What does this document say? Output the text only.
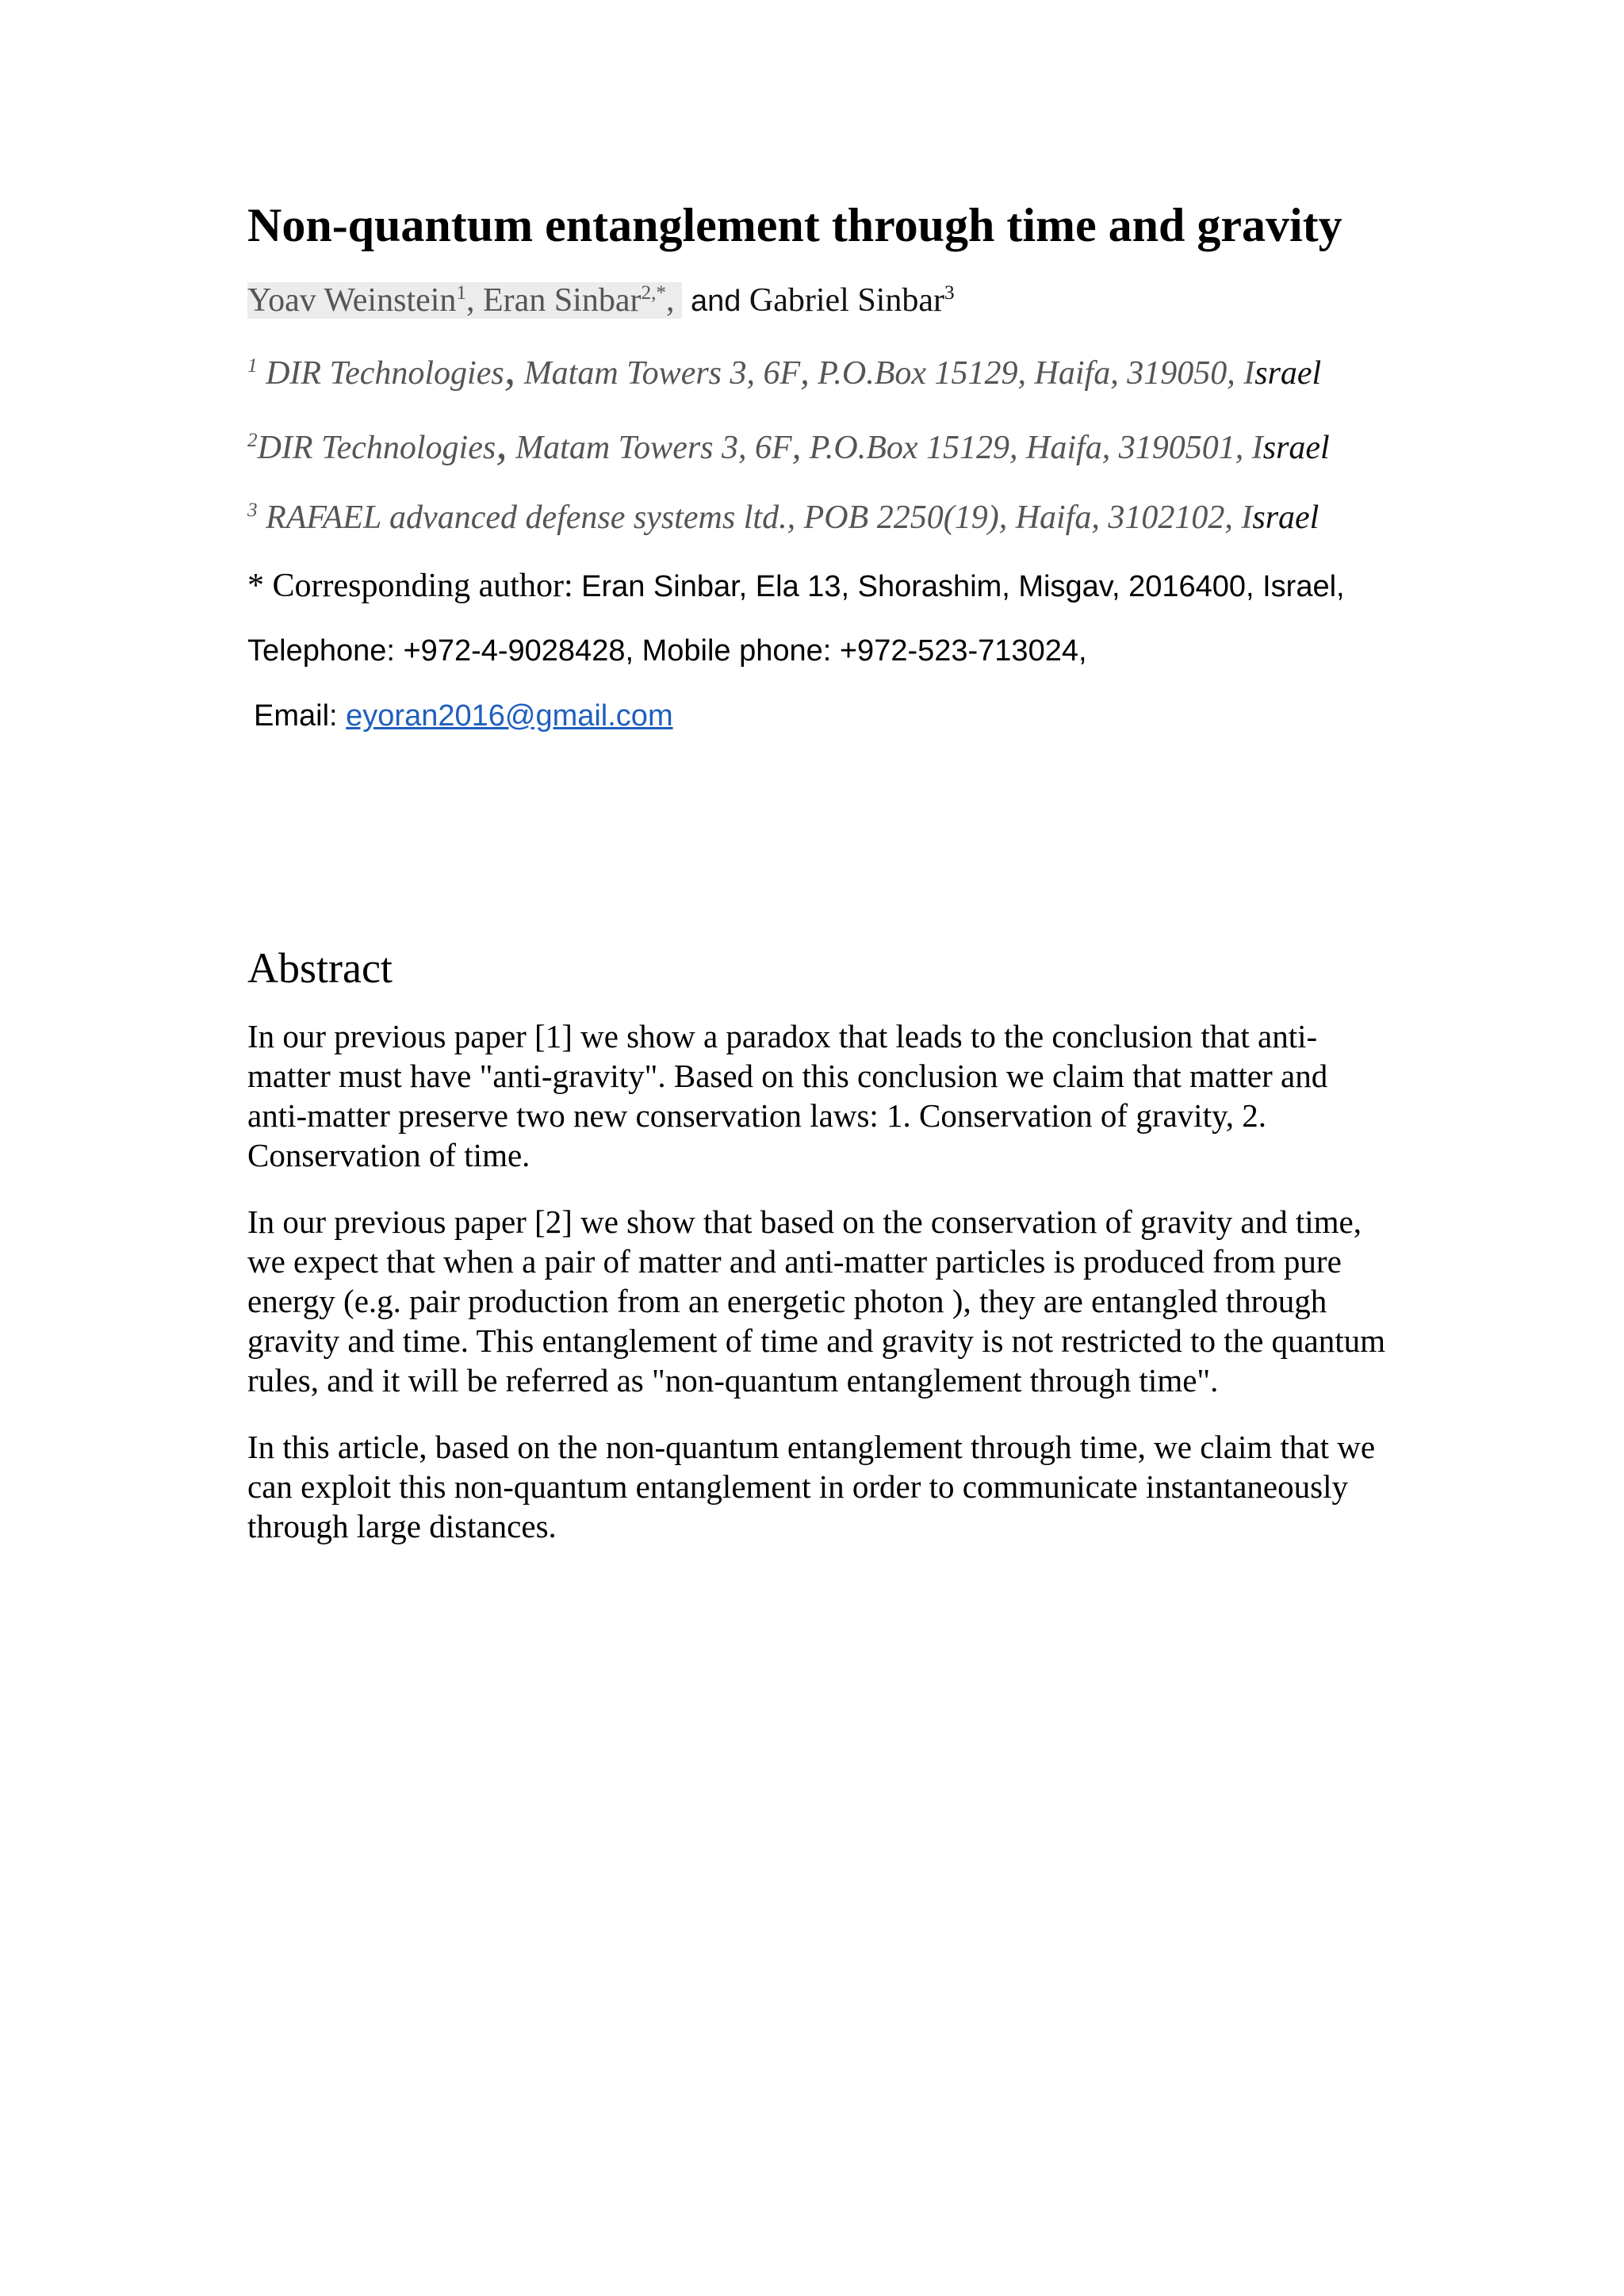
Non-quantum entanglement through time and gravity
Yoav Weinstein$^1$, Eran Sinbar$^{2,*}$, and Gabriel Sinbar$^3$
$^1$ DIR Technologies, Matam Towers 3, 6F, P.O.Box 15129, Haifa, 319050, Israel
$^2$DIR Technologies, Matam Towers 3, 6F, P.O.Box 15129, Haifa, 3190501, Israel
$^3$ RAFAEL advanced defense systems ltd., POB 2250(19), Haifa, 3102102, Israel
* Corresponding author: Eran Sinbar, Ela 13, Shorashim, Misgav, 2016400, Israel,
Telephone: +972-4-9028428, Mobile phone: +972-523-713024,
Email: eyoran2016@gmail.com
Abstract

In our previous paper [1] we show a paradox that leads to the conclusion that anti-matter must have "anti-gravity". Based on this conclusion we claim that matter and anti-matter preserve two new conservation laws: 1. Conservation of gravity, 2. Conservation of time.

In our previous paper [2] we show that based on the conservation of gravity and time, we expect that when a pair of matter and anti-matter particles is produced from pure energy (e.g. pair production from an energetic photon ), they are entangled through gravity and time. This entanglement of time and gravity is not restricted to the quantum rules, and it will be referred as "non-quantum entanglement through time".

In this article, based on the non-quantum entanglement through time, we claim that we can exploit this non-quantum entanglement in order to communicate instantaneously through large distances.
